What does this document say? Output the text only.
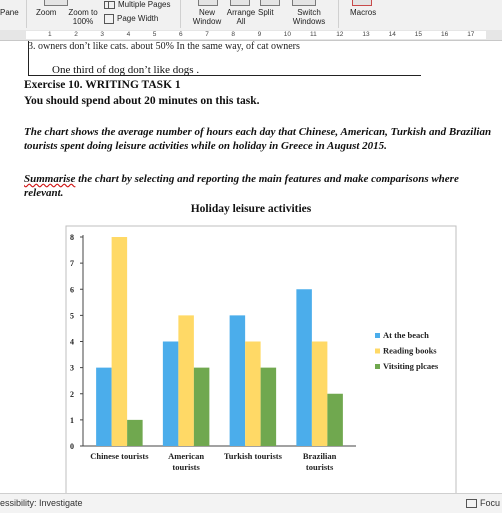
Pane Zoom Zoom to 100%
Multiple Pages
Page Width
New Window
Arrange All
Split	Switch Windows
Macros
1	2	3	4	5	6	7	8	9	10	11	12	13	14	15	16	17
3. owners don’t like cats. about 50% In the same way, of cat owners
One third of dog don’t like dogs .
Exercise 10. WRITING TASK 1
You should spend about 20 minutes on this task.
The chart shows the average number of hours each day that Chinese, American, Turkish and Brazilian tourists spent doing leisure activities while on holiday in Greece in August 2015.
Summarise the chart by selecting and reporting the main features and make comparisons where relevant.
Holiday leisure activities
0
1
2
3
4
5
6
7
8
Chinese tourists American
tourists
Turkish tourists Brazilian
tourists
At the beach
Reading books
Vitsiting plcaes
essibility: Investigate	Focu
